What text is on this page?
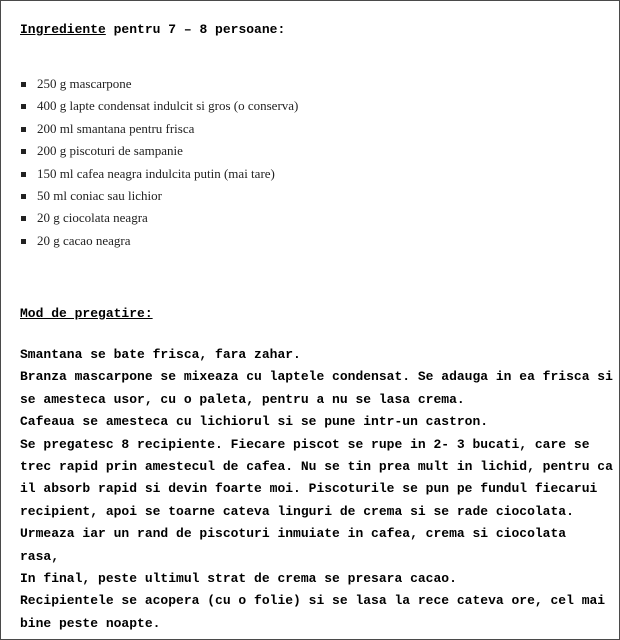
Ingrediente pentru 7 – 8 persoane:
250 g mascarpone
400 g lapte condensat indulcit si gros (o conserva)
200 ml smantana pentru frisca
200 g piscoturi de sampanie
150 ml cafea neagra indulcita putin (mai tare)
50 ml coniac sau lichior
20 g ciocolata neagra
20 g cacao neagra
Mod de pregatire:
Smantana se bate frisca, fara zahar.
Branza mascarpone se mixeaza cu laptele condensat. Se adauga in ea frisca si
se amesteca usor, cu o paleta, pentru a nu se lasa crema.
Cafeaua se amesteca cu lichiorul si se pune intr-un castron.
Se pregatesc 8 recipiente. Fiecare piscot se rupe in 2- 3 bucati, care se
trec rapid prin amestecul de cafea. Nu se tin prea mult in lichid, pentru ca
il absorb rapid si devin foarte moi. Piscoturile se pun pe fundul fiecarui
recipient, apoi se toarne cateva linguri de crema si se rade ciocolata.
Urmeaza iar un rand de piscoturi inmuiate in cafea, crema si ciocolata
rasa,
In final, peste ultimul strat de crema se presara cacao.
Recipientele se acopera (cu o folie) si se lasa la rece cateva ore, cel mai
bine peste noapte.
